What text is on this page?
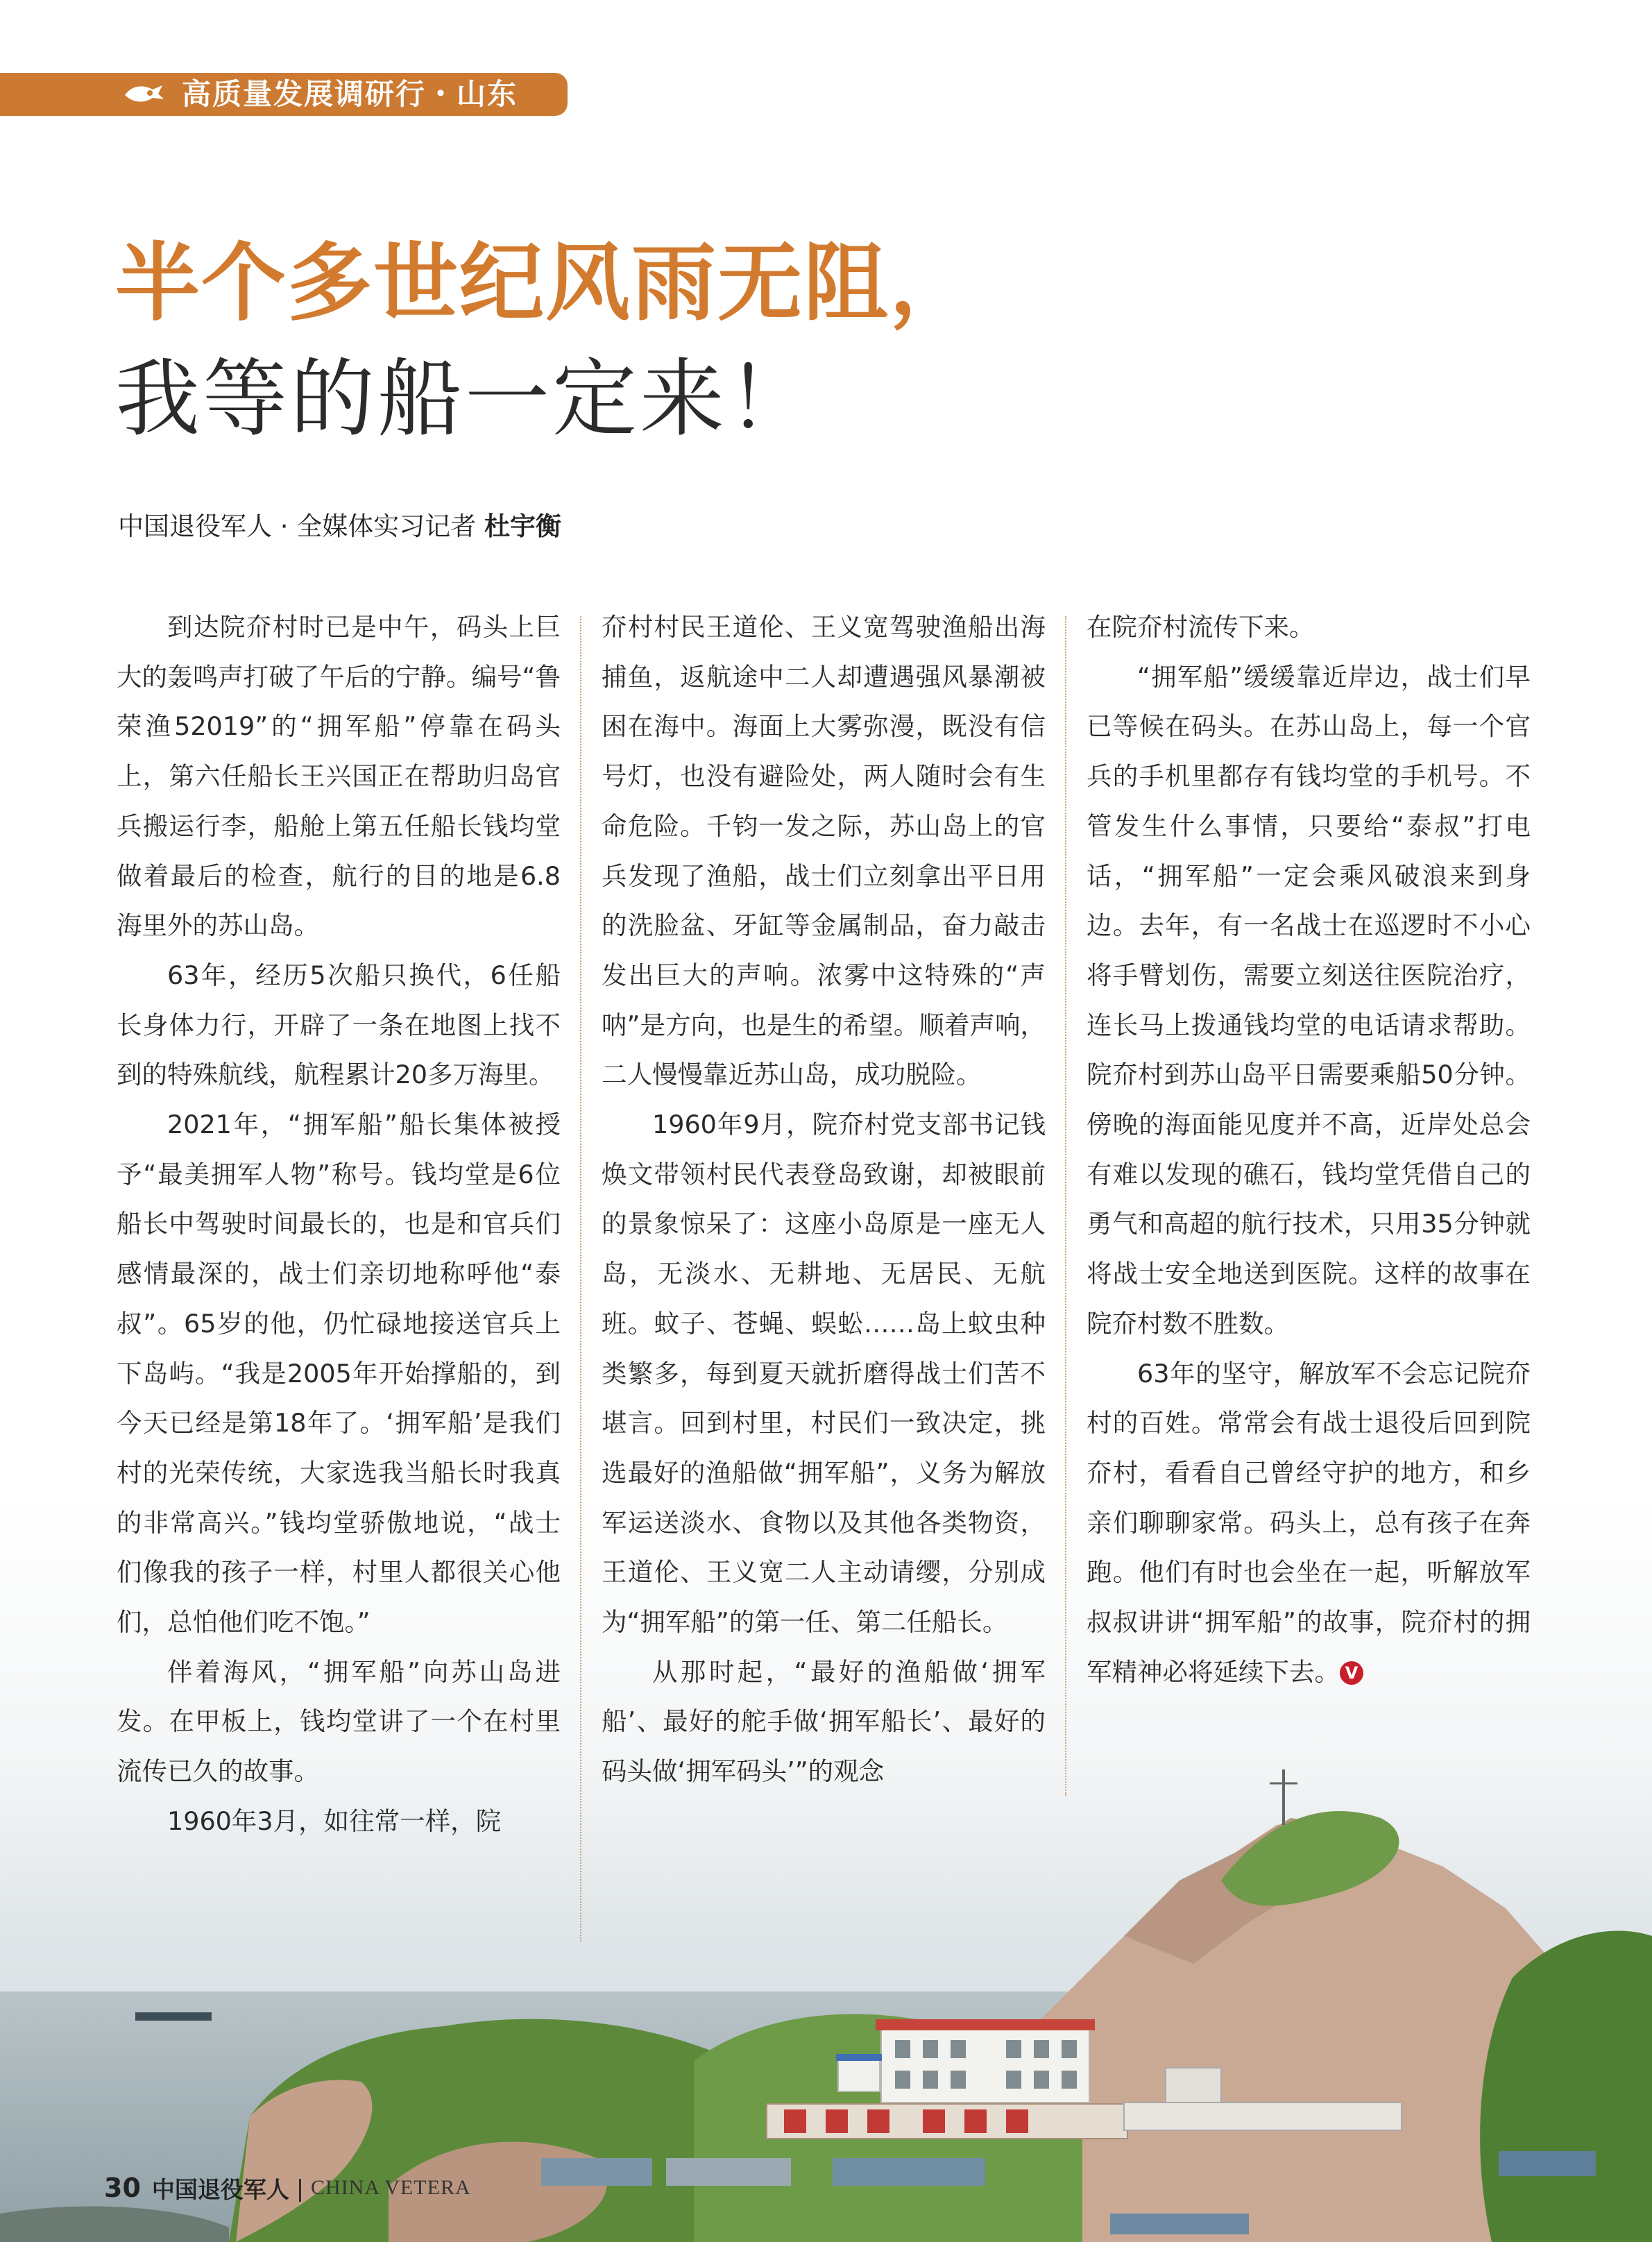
高质量发展调研行・山东
半个多世纪风雨无阻，
我等的船一定来！
中国退役军人 · 全媒体实习记者 杜宇衡

到达院夼村时已是中午，码头上巨大的轰鸣声打破了午后的宁静。编号“鲁荣渔52019”的“拥军船”停靠在码头上，第六任船长王兴国正在帮助归岛官兵搬运行李，船舱上第五任船长钱均堂做着最后的检查，航行的目的地是6.8海里外的苏山岛。

63年，经历5次船只换代，6任船长身体力行，开辟了一条在地图上找不到的特殊航线，航程累计20多万海里。

2021年，“拥军船”船长集体被授予“最美拥军人物”称号。钱均堂是6位船长中驾驶时间最长的，也是和官兵们感情最深的，战士们亲切地称呼他“泰叔”。65岁的他，仍忙碌地接送官兵上下岛屿。“我是2005年开始撑船的，到今天已经是第18年了。‘拥军船’是我们村的光荣传统，大家选我当船长时我真的非常高兴。”钱均堂骄傲地说，“战士们像我的孩子一样，村里人都很关心他们，总怕他们吃不饱。”

伴着海风，“拥军船”向苏山岛进发。在甲板上，钱均堂讲了一个在村里流传已久的故事。

1960年3月，如往常一样，院

夼村村民王道伦、王义宽驾驶渔船出海捕鱼，返航途中二人却遭遇强风暴潮被困在海中。海面上大雾弥漫，既没有信号灯，也没有避险处，两人随时会有生命危险。千钧一发之际，苏山岛上的官兵发现了渔船，战士们立刻拿出平日用的洗脸盆、牙缸等金属制品，奋力敲击发出巨大的声响。浓雾中这特殊的“声呐”是方向，也是生的希望。顺着声响，二人慢慢靠近苏山岛，成功脱险。

1960年9月，院夼村党支部书记钱焕文带领村民代表登岛致谢，却被眼前的景象惊呆了：这座小岛原是一座无人岛，无淡水、无耕地、无居民、无航班。蚊子、苍蝇、蜈蚣……岛上蚊虫种类繁多，每到夏天就折磨得战士们苦不堪言。回到村里，村民们一致决定，挑选最好的渔船做“拥军船”，义务为解放军运送淡水、食物以及其他各类物资，王道伦、王义宽二人主动请缨，分别成为“拥军船”的第一任、第二任船长。

从那时起，“最好的渔船做‘拥军船’、最好的舵手做‘拥军船长’、最好的码头做‘拥军码头’”的观念

在院夼村流传下来。

“拥军船”缓缓靠近岸边，战士们早已等候在码头。在苏山岛上，每一个官兵的手机里都存有钱均堂的手机号。不管发生什么事情，只要给“泰叔”打电话，“拥军船”一定会乘风破浪来到身边。去年，有一名战士在巡逻时不小心将手臂划伤，需要立刻送往医院治疗，连长马上拨通钱均堂的电话请求帮助。院夼村到苏山岛平日需要乘船50分钟。傍晚的海面能见度并不高，近岸处总会有难以发现的礁石，钱均堂凭借自己的勇气和高超的航行技术，只用35分钟就将战士安全地送到医院。这样的故事在院夼村数不胜数。

63年的坚守，解放军不会忘记院夼村的百姓。常常会有战士退役后回到院夼村，看看自己曾经守护的地方，和乡亲们聊聊家常。码头上，总有孩子在奔跑。他们有时也会坐在一起，听解放军叔叔讲讲“拥军船”的故事，院夼村的拥军精神必将延续下去。 V

30 中国退役军人 | CHINA VETERA
